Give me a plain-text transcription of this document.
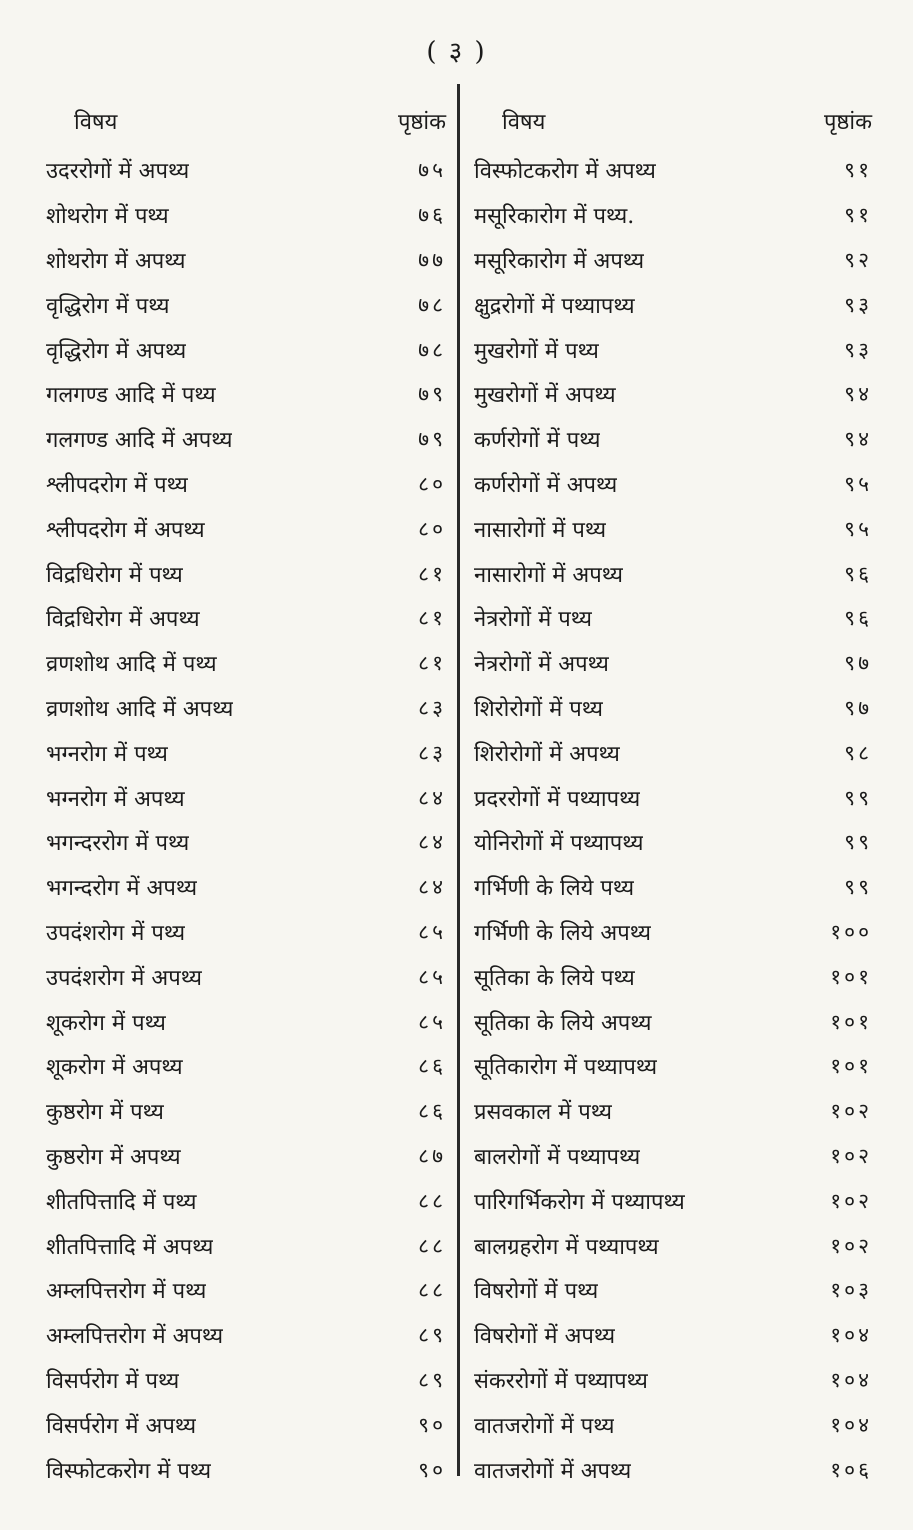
( ३ )
विषय	पृष्ठांक
उदररोगों में अपथ्य	७५
शोथरोग में पथ्य	७६
शोथरोग में अपथ्य	७७
वृद्धिरोग में पथ्य	७८
वृद्धिरोग में अपथ्य	७८
गलगण्ड आदि में पथ्य	७९
गलगण्ड आदि में अपथ्य	७९
श्लीपदरोग में पथ्य	८०
श्लीपदरोग में अपथ्य	८०
विद्रधिरोग में पथ्य	८१
विद्रधिरोग में अपथ्य	८१
व्रणशोथ आदि में पथ्य	८१
व्रणशोथ आदि में अपथ्य	८३
भग्नरोग में पथ्य	८३
भग्नरोग में अपथ्य	८४
भगन्दररोग में पथ्य	८४
भगन्दरोग में अपथ्य	८४
उपदंशरोग में पथ्य	८५
उपदंशरोग में अपथ्य	८५
शूकरोग में पथ्य	८५
शूकरोग में अपथ्य	८६
कुष्ठरोग में पथ्य	८६
कुष्ठरोग में अपथ्य	८७
शीतपित्तादि में पथ्य	८८
शीतपित्तादि में अपथ्य	८८
अम्लपित्तरोग में पथ्य	८८
अम्लपित्तरोग में अपथ्य	८९
विसर्परोग में पथ्य	८९
विसर्परोग में अपथ्य	९०
विस्फोटकरोग में पथ्य	९०
विषय	पृष्ठांक
विस्फोटकरोग में अपथ्य	९१
मसूरिकारोग में पथ्य.	९१
मसूरिकारोग में अपथ्य	९२
क्षुद्ररोगों में पथ्यापथ्य	९३
मुखरोगों में पथ्य	९३
मुखरोगों में अपथ्य	९४
कर्णरोगों में पथ्य	९४
कर्णरोगों में अपथ्य	९५
नासारोगों में पथ्य	९५
नासारोगों में अपथ्य	९६
नेत्ररोगों में पथ्य	९६
नेत्ररोगों में अपथ्य	९७
शिरोरोगों में पथ्य	९७
शिरोरोगों में अपथ्य	९८
प्रदररोगों में पथ्यापथ्य	९९
योनिरोगों में पथ्यापथ्य	९९
गर्भिणी के लिये पथ्य	९९
गर्भिणी के लिये अपथ्य	१००
सूतिका के लिये पथ्य	१०१
सूतिका के लिये अपथ्य	१०१
सूतिकारोग में पथ्यापथ्य	१०१
प्रसवकाल में पथ्य	१०२
बालरोगों में पथ्यापथ्य	१०२
पारिगर्भिकरोग में पथ्यापथ्य	१०२
बालग्रहरोग में पथ्यापथ्य	१०२
विषरोगों में पथ्य	१०३
विषरोगों में अपथ्य	१०४
संकररोगों में पथ्यापथ्य	१०४
वातजरोगों में पथ्य	१०४
वातजरोगों में अपथ्य	१०६
